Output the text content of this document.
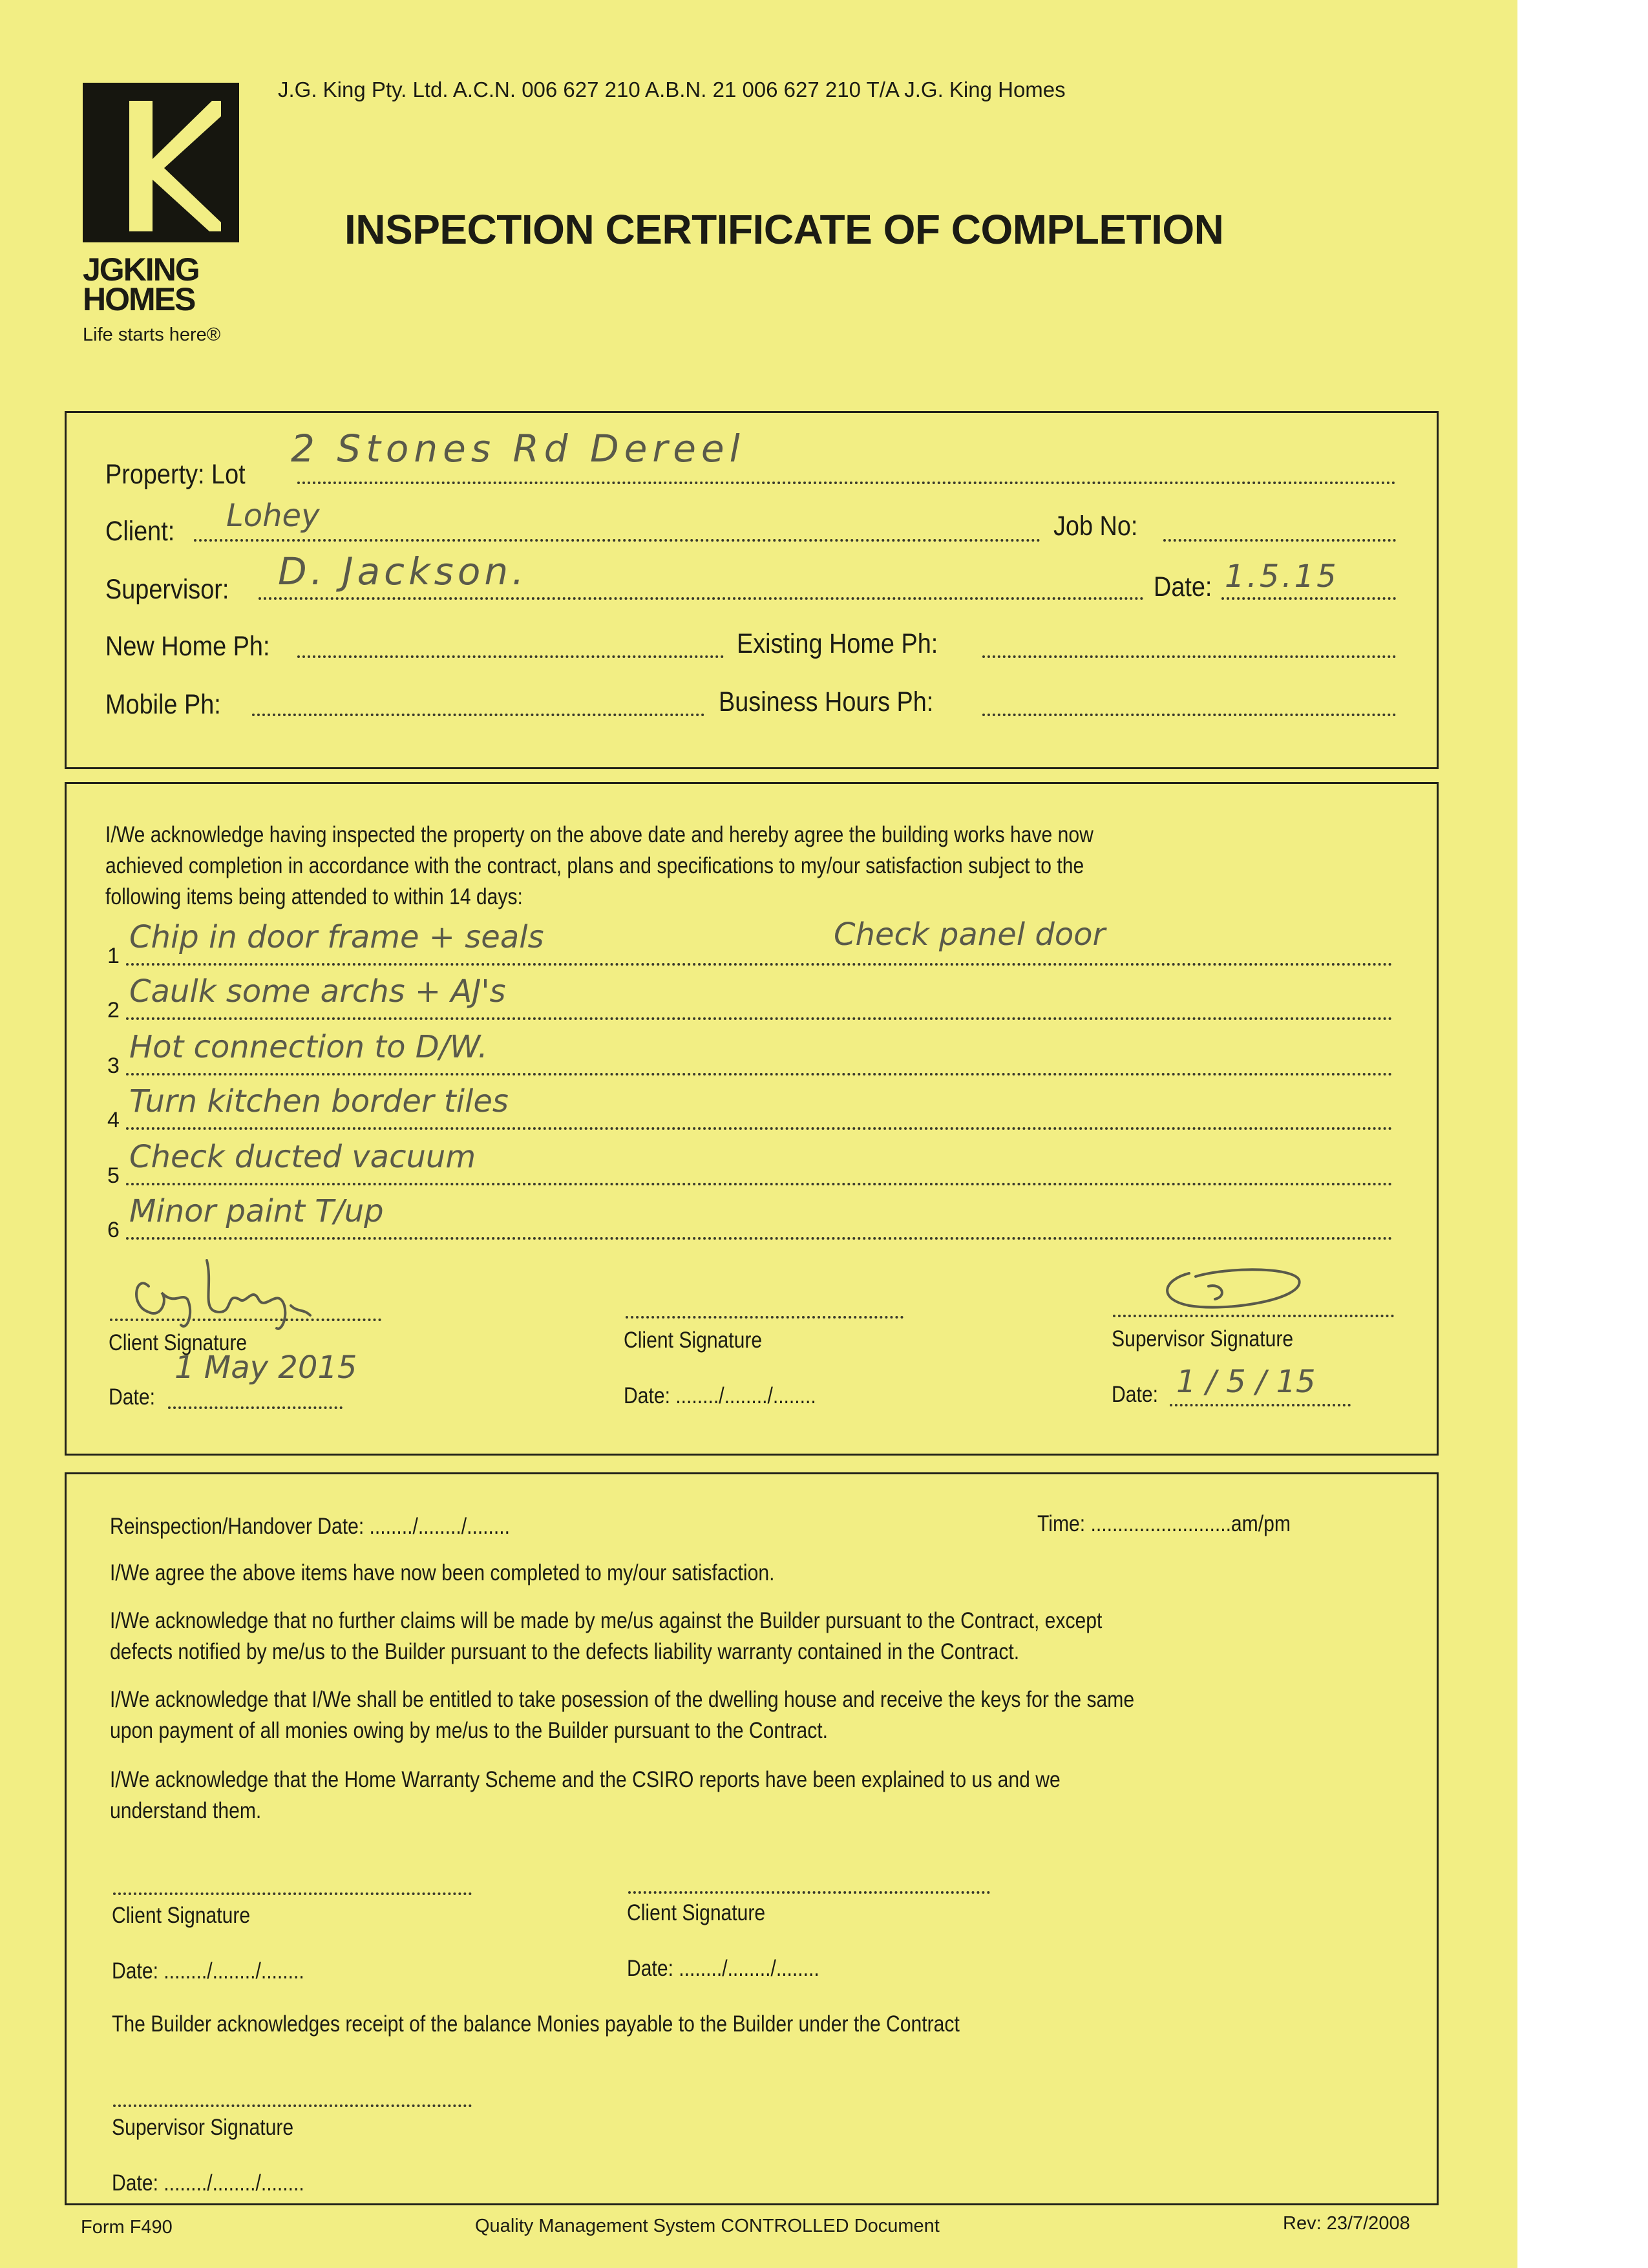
JGKING
HOMES
Life starts here®
J.G. King Pty. Ltd. A.C.N. 006 627 210 A.B.N. 21 006 627 210 T/A J.G. King Homes
INSPECTION CERTIFICATE OF COMPLETION
Property: Lot
2 Stones Rd Dereel
Client: Lohey	Job No:
Supervisor: D. Jackson.	Date: 1.5.15
New Home Ph:	Existing Home Ph:
Mobile Ph:	Business Hours Ph:
I/We acknowledge having inspected the property on the above date and hereby agree the building works have now
achieved completion in accordance with the contract, plans and specifications to my/our satisfaction subject to the
following items being attended to within 14 days:
1
Chip in door frame + seals	Check panel door
2
Caulk some archs + AJ's
3
Hot connection to D/W.
4
Turn kitchen border tiles
5
Check ducted vacuum
6
Minor paint T/up
Client Signature
Date:
1 May 2015
Client Signature
Date: ......../......../........
Supervisor Signature
Date: 1 / 5 / 15
Reinspection/Handover Date: ......../......../........	Time: ..........................am/pm
I/We agree the above items have now been completed to my/our satisfaction.
I/We acknowledge that no further claims will be made by me/us against the Builder pursuant to the Contract, except
defects notified by me/us to the Builder pursuant to the defects liability warranty contained in the Contract.
I/We acknowledge that I/We shall be entitled to take posession of the dwelling house and receive the keys for the same
upon payment of all monies owing by me/us to the Builder pursuant to the Contract.
I/We acknowledge that the Home Warranty Scheme and the CSIRO reports have been explained to us and we
understand them.
Client Signature
Date: ......../......../........
Client Signature
Date: ......../......../........
The Builder acknowledges receipt of the balance Monies payable to the Builder under the Contract
Supervisor Signature
Date: ......../......../........
Form F490	Quality Management System CONTROLLED Document	Rev: 23/7/2008
